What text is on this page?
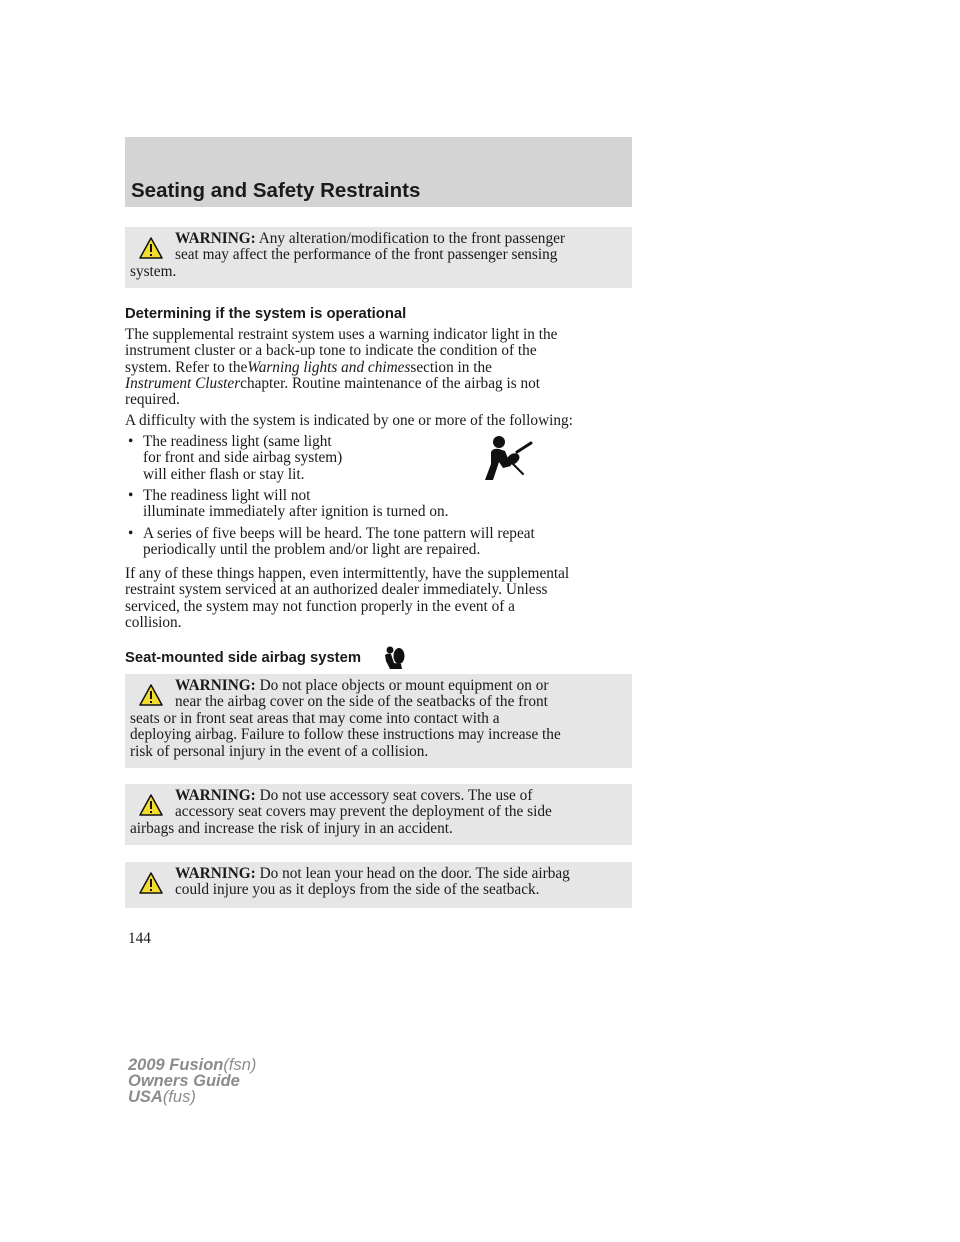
Seating and Safety Restraints
WARNING: Any alteration/modification to the front passenger
seat may affect the performance of the front passenger sensing
system.
Determining if the system is operational
The supplemental restraint system uses a warning indicator light in the
instrument cluster or a back-up tone to indicate the condition of the
system. Refer to theWarning lights and chimessection in the
Instrument Clusterchapter. Routine maintenance of the airbag is not
required.
A difficulty with the system is indicated by one or more of the following:
• The readiness light (same light
for front and side airbag system)
will either flash or stay lit.
• The readiness light will not
illuminate immediately after ignition is turned on.
• A series of five beeps will be heard. The tone pattern will repeat
periodically until the problem and/or light are repaired.
If any of these things happen, even intermittently, have the supplemental
restraint system serviced at an authorized dealer immediately. Unless
serviced, the system may not function properly in the event of a
collision.
Seat-mounted side airbag system
WARNING: Do not place objects or mount equipment on or
near the airbag cover on the side of the seatbacks of the front
seats or in front seat areas that may come into contact with a
deploying airbag. Failure to follow these instructions may increase the
risk of personal injury in the event of a collision.
WARNING: Do not use accessory seat covers. The use of
accessory seat covers may prevent the deployment of the side
airbags and increase the risk of injury in an accident.
WARNING: Do not lean your head on the door. The side airbag
could injure you as it deploys from the side of the seatback.
144
2009 Fusion(fsn)
Owners Guide
USA(fus)
